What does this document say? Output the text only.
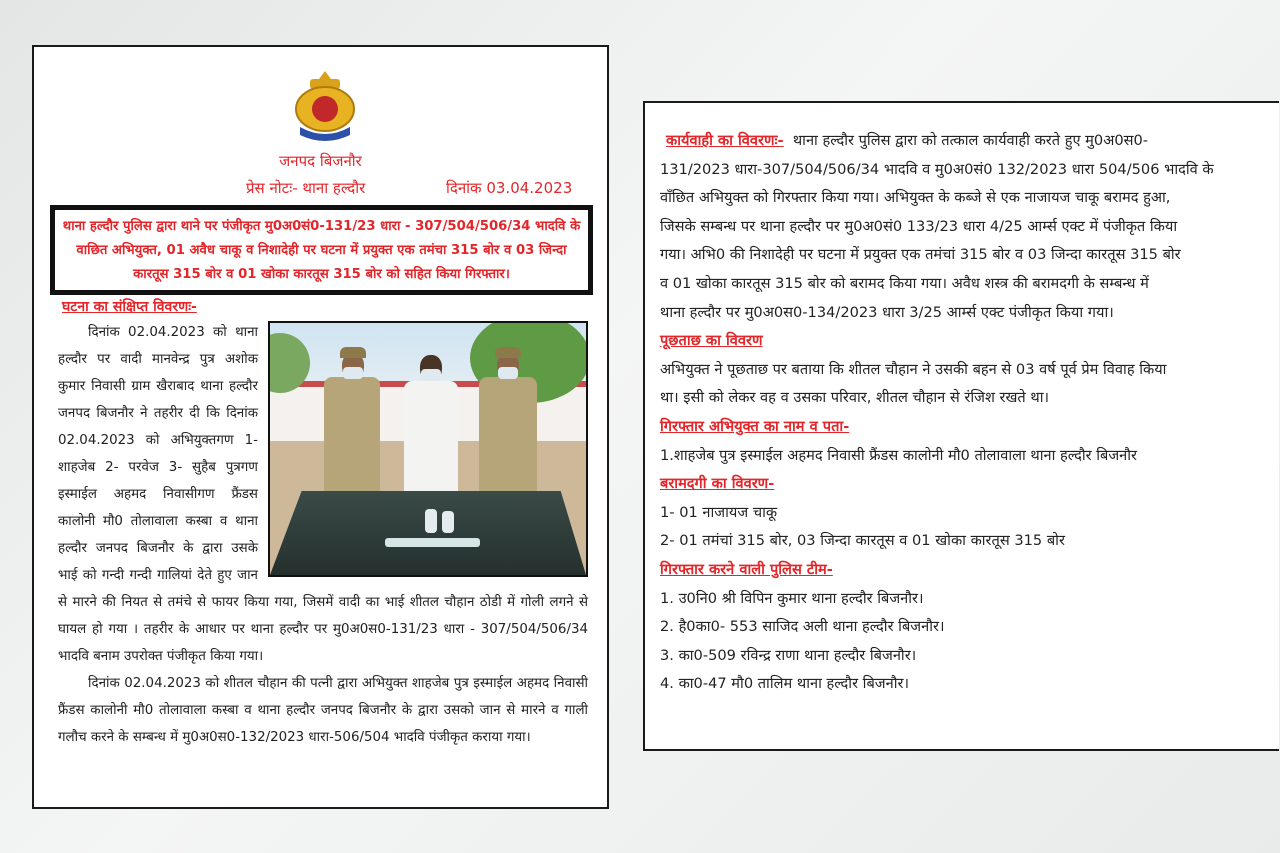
जनपद बिजनौर
प्रेस नोटः- थाना हल्दौर	दिनांक 03.04.2023
थाना हल्दौर पुलिस द्वारा थाने पर पंजीकृत मु0अ0सं0-131/23 धारा - 307/504/506/34 भादवि के वाछित अभियुक्त, 01 अवैध चाकू व निशादेही पर घटना में प्रयुक्त एक तमंचा 315 बोर व 03 जिन्दा कारतूस 315 बोर व 01 खोका कारतूस 315 बोर को सहित किया गिरफ्तार।
घटना का संक्षिप्त विवरणः-

दिनांक 02.04.2023 को थाना हल्दौर पर वादी मानवेन्द्र पुत्र अशोक कुमार निवासी ग्राम खैराबाद थाना हल्दौर जनपद बिजनौर ने तहरीर दी कि दिनांक 02.04.2023 को अभियुक्तगण 1- शाहजेब 2- परवेज 3- सुहैब पुत्रगण इस्माईल अहमद निवासीगण फ्रैंडस कालोनी मौ0 तोलावाला कस्बा व थाना हल्दौर जनपद बिजनौर के द्वारा उसके भाई को गन्दी गन्दी गालियां देते हुए जान से मारने की नियत से तमंचे से फायर किया गया, जिसमें वादी का भाई शीतल चौहान ठोडी में गोली लगने से घायल हो गया । तहरीर के आधार पर थाना हल्दौर पर मु0अ0स0-131/23 धारा - 307/504/506/34 भादवि बनाम उपरोक्त पंजीकृत किया गया।

दिनांक 02.04.2023 को शीतल चौहान की पत्नी द्वारा अभियुक्त शाहजेब पुत्र इस्माईल अहमद निवासी फ्रैंडस कालोनी मौ0 तोलावाला कस्बा व थाना हल्दौर जनपद बिजनौर के द्वारा उसको जान से मारने व गाली गलौच करने के सम्बन्ध में मु0अ0स0-132/2023 धारा-506/504 भादवि पंजीकृत कराया गया।

कार्यवाही का विवरणः- थाना हल्दौर पुलिस द्वारा को तत्काल कार्यवाही करते हुए मु0अ0स0-
131/2023 धारा-307/504/506/34 भादवि व मु0अ0सं0 132/2023 धारा 504/506 भादवि के
वाँछित अभियुक्त को गिरफ्तार किया गया। अभियुक्त के कब्जे से एक नाजायज चाकू बरामद हुआ,
जिसके सम्बन्ध पर थाना हल्दौर पर मु0अ0सं0 133/23 धारा 4/25 आर्म्स एक्ट में पंजीकृत किया
गया। अभि0 की निशादेही पर घटना में प्रयुक्त एक तमंचां 315 बोर व 03 जिन्दा कारतूस 315 बोर
व 01 खोका कारतूस 315 बोर को बरामद किया गया। अवैध शस्त्र की बरामदगी के सम्बन्ध में
थाना हल्दौर पर मु0अ0स0-134/2023 धारा 3/25 आर्म्स एक्ट पंजीकृत किया गया।
पूछताछ का विवरण
अभियुक्त ने पूछताछ पर बताया कि शीतल चौहान ने उसकी बहन से 03 वर्ष पूर्व प्रेम विवाह किया
था। इसी को लेकर वह व उसका परिवार, शीतल चौहान से रंजिश रखते था।
गिरफ्तार अभियुक्त का नाम व पता-
1.शाहजेब पुत्र इस्माईल अहमद निवासी फ्रैंडस कालोनी मौ0 तोलावाला थाना हल्दौर बिजनौर
बरामदगी का विवरण-
1- 01 नाजायज चाकू
2- 01 तमंचां 315 बोर, 03 जिन्दा कारतूस व 01 खोका कारतूस 315 बोर
गिरफ्तार करने वाली पुलिस टीम-
1. उ0नि0 श्री विपिन कुमार थाना हल्दौर बिजनौर।
2. है0का0- 553 साजिद अली थाना हल्दौर बिजनौर।
3. का0-509 रविन्द्र राणा थाना हल्दौर बिजनौर।
4. का0-47 मौ0 तालिम थाना हल्दौर बिजनौर।
